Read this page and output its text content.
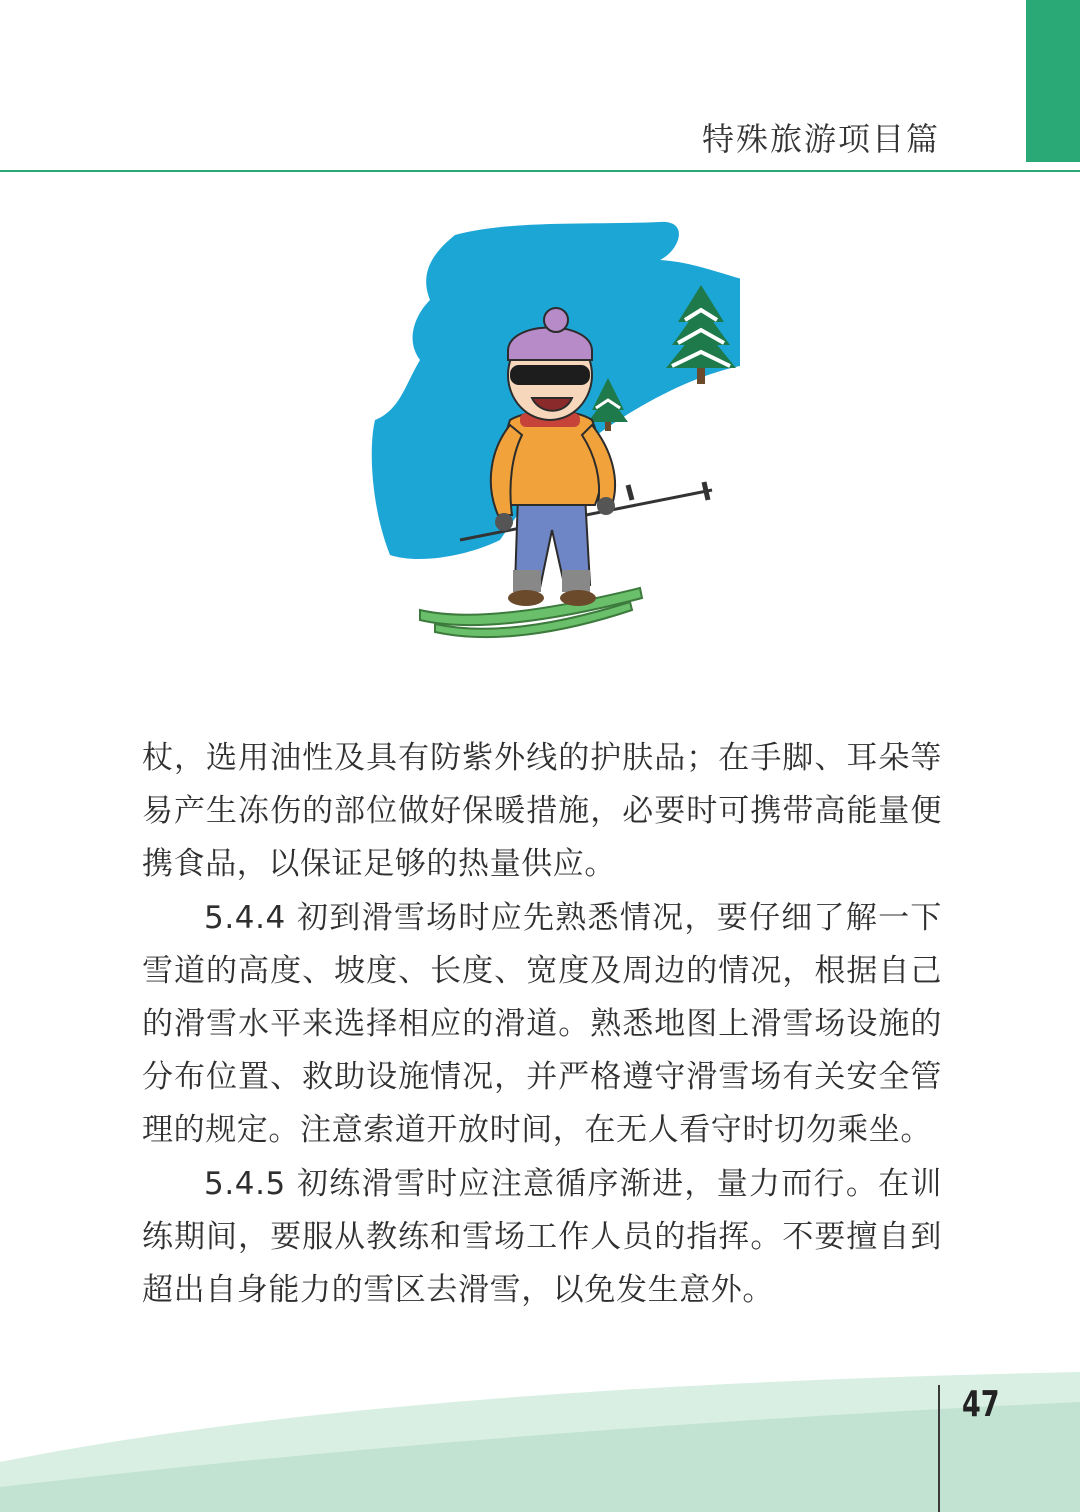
特殊旅游项目篇

杖，选用油性及具有防紫外线的护肤品；在手脚、耳朵等易产生冻伤的部位做好保暖措施，必要时可携带高能量便携食品，以保证足够的热量供应。

5.4.4 初到滑雪场时应先熟悉情况，要仔细了解一下雪道的高度、坡度、长度、宽度及周边的情况，根据自己的滑雪水平来选择相应的滑道。熟悉地图上滑雪场设施的分布位置、救助设施情况，并严格遵守滑雪场有关安全管理的规定。注意索道开放时间，在无人看守时切勿乘坐。

5.4.5 初练滑雪时应注意循序渐进，量力而行。在训练期间，要服从教练和雪场工作人员的指挥。不要擅自到超出自身能力的雪区去滑雪，以免发生意外。

47
